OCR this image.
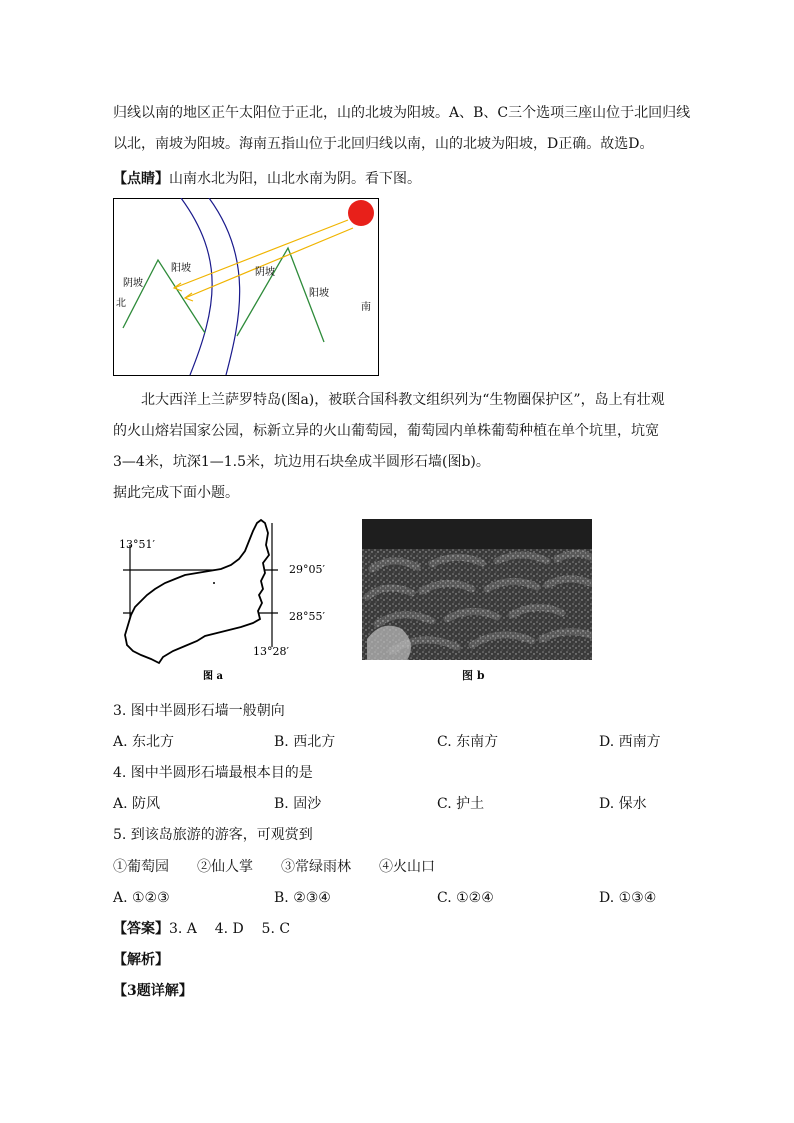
归线以南的地区正午太阳位于正北，山的北坡为阳坡。A、B、C三个选项三座山位于北回归线
以北，南坡为阳坡。海南五指山位于北回归线以南，山的北坡为阳坡，D正确。故选D。
【点睛】山南水北为阳，山北水南为阴。看下图。
阴坡
阳坡
北
阴坡
阳坡
南
北大西洋上兰萨罗特岛(图a)，被联合国科教文组织列为“生物圈保护区”，岛上有壮观
的火山熔岩国家公园，标新立异的火山葡萄园，葡萄园内单株葡萄种植在单个坑里，坑宽
3—4米，坑深1—1.5米，坑边用石块垒成半圆形石墙(图b)。
据此完成下面小题。
13°51′
29°05′
28°55′
13°28′
图 a	图 b
3. 图中半圆形石墙一般朝向
A. 东北方	B. 西北方	C. 东南方	D. 西南方
4. 图中半圆形石墙最根本目的是
A. 防风	B. 固沙	C. 护土	D. 保水
5. 到该岛旅游的游客，可观赏到
①葡萄园 ②仙人掌 ③常绿雨林 ④火山口
A. ①②③	B. ②③④	C. ①②④	D. ①③④
【答案】3. A    4. D    5. C
【解析】
【3题详解】
